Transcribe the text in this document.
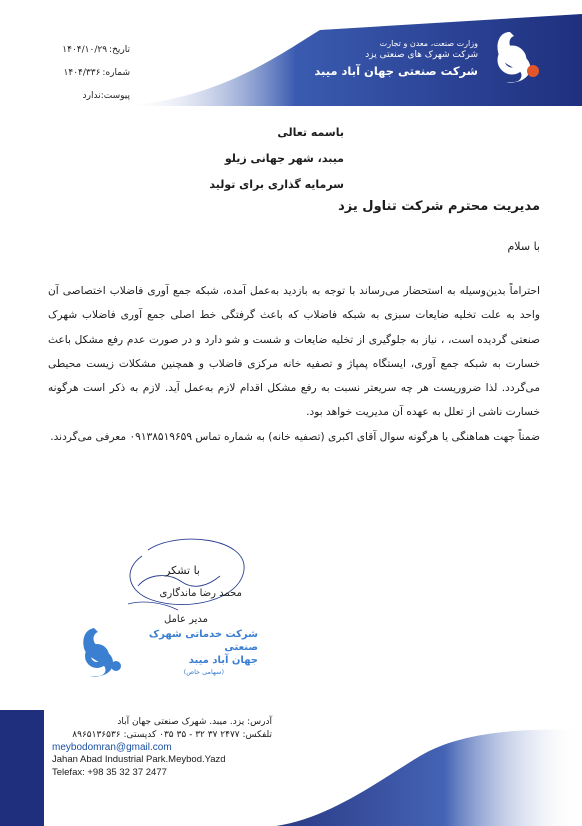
وزارت صنعت، معدن و تجارت
شرکت شهرک های صنعتی یزد
شرکت صنعتی جهان آباد میبد
تاریخ:
۱۴۰۴/۱۰/۲۹
شماره:
۱۴۰۴/۳۳۶
پیوست:ندارد
باسمه تعالی
میبد، شهر جهانی زیلو
سرمایه گذاری برای تولید
مدیریت محترم شرکت تناول یزد
با سلام

احتراماً بدین‌وسیله به استحضار می‌رساند با توجه به بازدید به‌عمل آمده، شبکه جمع آوری فاضلاب اختصاصی آن واحد به علت تخلیه ضایعات سبزی به شبکه فاضلاب که باعث گرفتگی خط اصلی جمع آوری فاضلاب شهرک صنعتی گردیده است، ، نیاز به جلوگیری از تخلیه ضایعات و شست و شو دارد و در صورت عدم رفع مشکل باعث خسارت به شبکه جمع آوری، ایستگاه پمپاژ و تصفیه خانه مرکزی فاضلاب و همچنین مشکلات زیست محیطی می‌گردد. لذا ضروریست هر چه سریعتر نسبت به رفع مشکل اقدام لازم به‌عمل آید. لازم به ذکر است هرگونه خسارت ناشی از تعلل به عهده آن مدیریت خواهد بود.

ضمناً جهت هماهنگی یا هرگونه سوال آقای اکبری (تصفیه خانه) به شماره تماس ۰۹۱۳۸۵۱۹۶۵۹ معرفی می‌گردند.

با تشکر
محمد رضا ماندگاری
مدیر عامل
شرکت خدماتی شهرک صنعتی
جهان آباد میبد
(سهامی خاص)
آدرس: یزد. میبد. شهرک صنعتی جهان آباد
تلفکس: ۲۴۷۷ ۳۷ ۳۲ - ۳۵ ۰۳۵ کدپستی: ۸۹۶۵۱۳۶۵۳۶
meybodomran@gmail.com
Jahan Abad Industrial Park.Meybod.Yazd
Telefax: +98 35 32 37 2477
